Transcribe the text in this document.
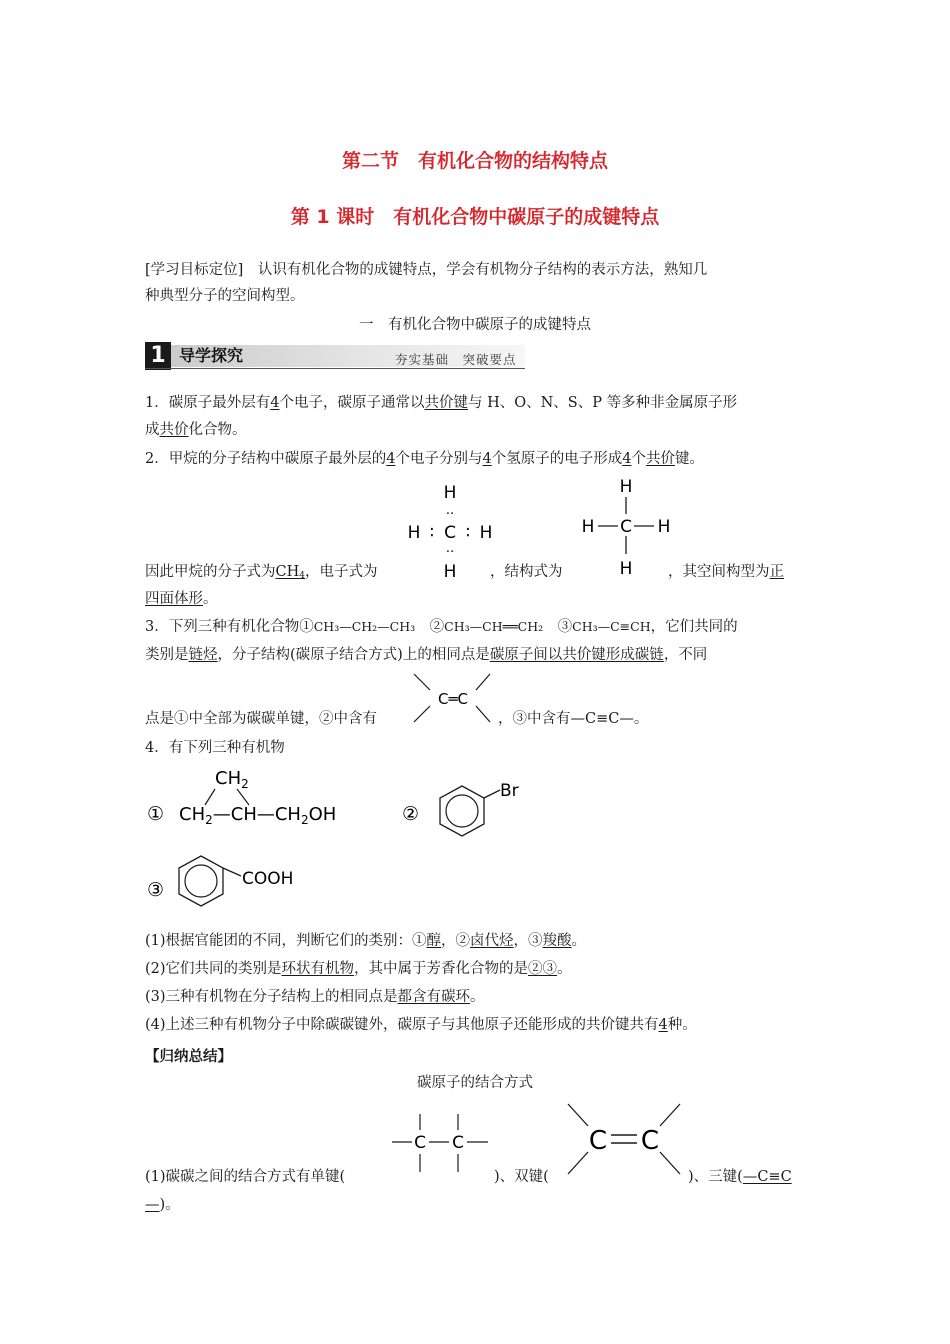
第二节　有机化合物的结构特点
第 1 课时　有机化合物中碳原子的成键特点
[学习目标定位]　认识有机化合物的成键特点，学会有机物分子结构的表示方法，熟知几
种典型分子的空间构型。
一　有机化合物中碳原子的成键特点
1 导学探究	夯实基础　突破要点
1．碳原子最外层有4个电子，碳原子通常以共价键与 H、O、N、S、P 等多种非金属原子形
成共价化合物。
2．甲烷的分子结构中碳原子最外层的4个电子分别与4个氢原子的电子形成4个共价键。
H
··
H ∶ C ∶ H
··
H
H
H C H
H
因此甲烷的分子式为$CH_4$，电子式为	，结构式为	，其空间构型为正
四面体形。
3．下列三种有机化合物①CH₃—CH₂—CH₃　②CH₃—CH══CH₂　③CH₃—C≡CH，它们共同的
类别是链烃，分子结构(碳原子结合方式)上的相同点是碳原子间以共价键形成碳链，不同
C═C
点是①中全部为碳碳单键，②中含有	，③中含有—C≡C—。
4．有下列三种有机物
①
$CH_2$
$CH_2—CH—CH_2OH$	②
Br
③	COOH
(1)根据官能团的不同，判断它们的类别：①醇，②卤代烃，③羧酸。
(2)它们共同的类别是环状有机物，其中属于芳香化合物的是②③。
(3)三种有机物在分子结构上的相同点是都含有碳环。
(4)上述三种有机物分子中除碳碳键外，碳原子与其他原子还能形成的共价键共有4种。
【归纳总结】
碳原子的结合方式
C C	C C
(1)碳碳之间的结合方式有单键(	)、双键(	)、三键(—C≡C
—)。
